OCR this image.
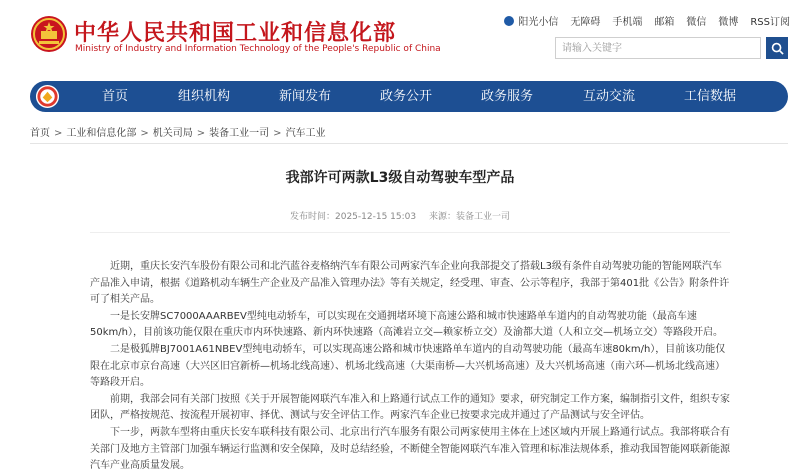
中华人民共和国工业和信息化部
Ministry of Industry and Information Technology of the People's Republic of China
阳光小信 无障碍 手机端 邮箱 微信 微博 RSS订阅
请输入关键字
首页	组织机构	新闻发布	政务公开	政务服务	互动交流	工信数据
首页 > 工业和信息化部 > 机关司局 > 装备工业一司 > 汽车工业
我部许可两款L3级自动驾驶车型产品
发布时间：2025-12-15 15:03 来源：装备工业一司

近期，重庆长安汽车股份有限公司和北汽蓝谷麦格纳汽车有限公司两家汽车企业向我部提交了搭载L3级有条件自动驾驶功能的智能网联汽车产品准入申请，根据《道路机动车辆生产企业及产品准入管理办法》等有关规定，经受理、审查、公示等程序，我部于第401批《公告》附条件许可了相关产品。

一是长安牌SC7000AAARBEV型纯电动轿车，可以实现在交通拥堵环境下高速公路和城市快速路单车道内的自动驾驶功能（最高车速50km/h），目前该功能仅限在重庆市内环快速路、新内环快速路（高滩岩立交—赖家桥立交）及渝都大道（人和立交—机场立交）等路段开启。

二是极狐牌BJ7001A61NBEV型纯电动轿车，可以实现高速公路和城市快速路单车道内的自动驾驶功能（最高车速80km/h），目前该功能仅限在北京市京台高速（大兴区旧宫新桥—机场北线高速）、机场北线高速（大渠南桥—大兴机场高速）及大兴机场高速（南六环—机场北线高速）等路段开启。

前期，我部会同有关部门按照《关于开展智能网联汽车准入和上路通行试点工作的通知》要求，研究制定工作方案，编制指引文件，组织专家团队，严格按规范、按流程开展初审、择优、测试与安全评估工作。两家汽车企业已按要求完成并通过了产品测试与安全评估。

下一步，两款车型将由重庆长安车联科技有限公司、北京出行汽车服务有限公司两家使用主体在上述区域内开展上路通行试点。我部将联合有关部门及地方主管部门加强车辆运行监测和安全保障，及时总结经验，不断健全智能网联汽车准入管理和标准法规体系，推动我国智能网联新能源汽车产业高质量发展。
